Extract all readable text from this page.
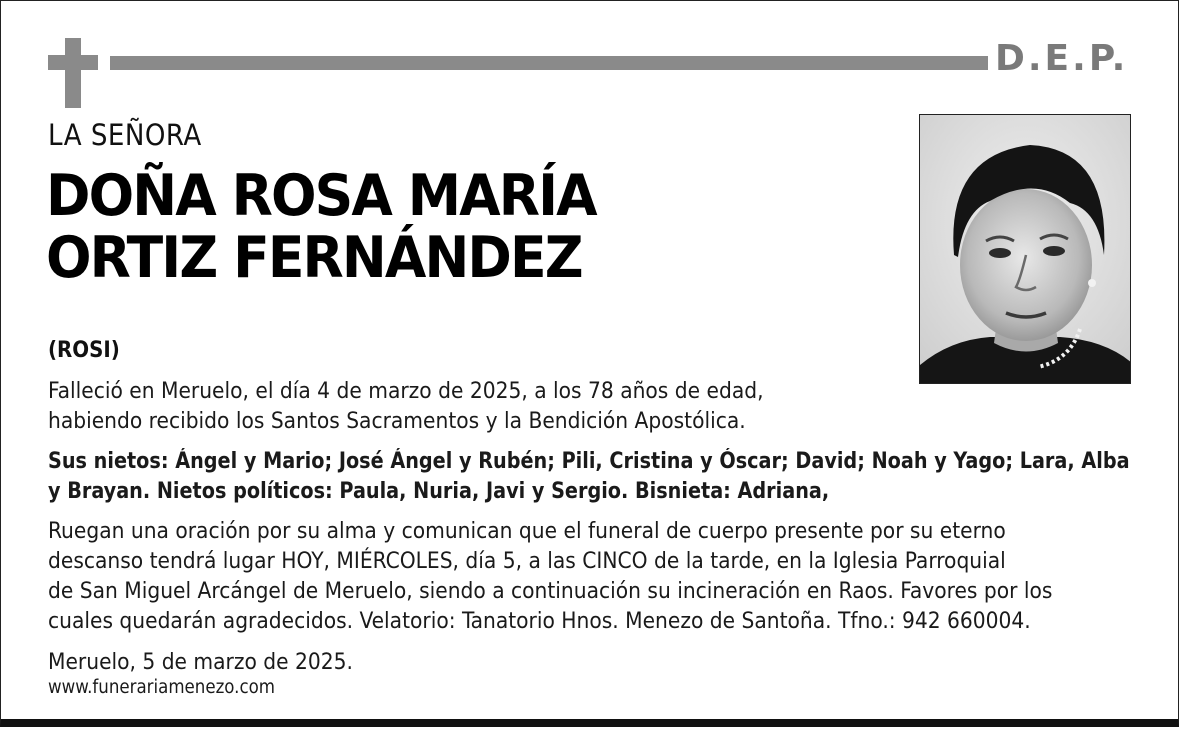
D.E.P.
LA SEÑORA
DOÑA ROSA MARÍA
ORTIZ FERNÁNDEZ
(ROSI)
Falleció en Meruelo, el día 4 de marzo de 2025, a los 78 años de edad,
habiendo recibido los Santos Sacramentos y la Bendición Apostólica.
Sus nietos: Ángel y Mario; José Ángel y Rubén; Pili, Cristina y Óscar; David; Noah y Yago; Lara, Alba
y Brayan. Nietos políticos: Paula, Nuria, Javi y Sergio. Bisnieta: Adriana,
Ruegan una oración por su alma y comunican que el funeral de cuerpo presente por su eterno
descanso tendrá lugar HOY, MIÉRCOLES, día 5, a las CINCO de la tarde, en la Iglesia Parroquial
de San Miguel Arcángel de Meruelo, siendo a continuación su incineración en Raos. Favores por los
cuales quedarán agradecidos. Velatorio: Tanatorio Hnos. Menezo de Santoña. Tfno.: 942 660004.
Meruelo, 5 de marzo de 2025.
www.funerariamenezo.com
